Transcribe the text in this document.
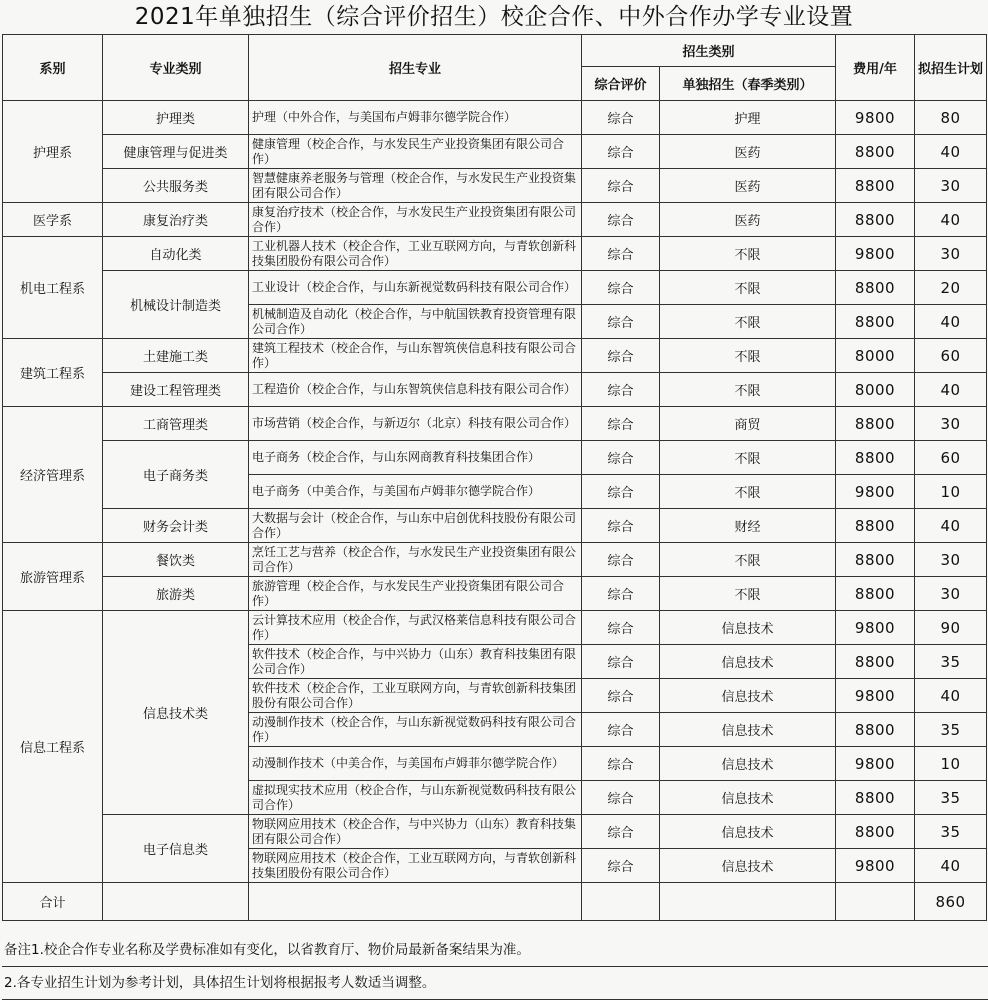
2021年单独招生（综合评价招生）校企合作、中外合作办学专业设置
系别	专业类别	招生专业	招生类别		费用/年	拟招生计划
			综合评价	单独招生（春季类别）		
护理系	护理类	护理（中外合作，与美国布卢姆菲尔德学院合作）	综合	护理	9800	80
	健康管理与促进类	健康管理（校企合作，与水发民生产业投资集团有限公司合作）	综合	医药	8800	40
	公共服务类	智慧健康养老服务与管理（校企合作，与水发民生产业投资集团有限公司合作）	综合	医药	8800	30
医学系	康复治疗类	康复治疗技术（校企合作，与水发民生产业投资集团有限公司合作）	综合	医药	8800	40
机电工程系	自动化类	工业机器人技术（校企合作，工业互联网方向，与青软创新科技集团股份有限公司合作）	综合	不限	9800	30
	机械设计制造类	工业设计（校企合作，与山东新视觉数码科技有限公司合作）	综合	不限	8800	20
		机械制造及自动化（校企合作，与中航国铁教育投资管理有限公司合作）	综合	不限	8800	40
建筑工程系	土建施工类	建筑工程技术（校企合作，与山东智筑侠信息科技有限公司合作）	综合	不限	8000	60
	建设工程管理类	工程造价（校企合作，与山东智筑侠信息科技有限公司合作）	综合	不限	8000	40
经济管理系	工商管理类	市场营销（校企合作，与新迈尔（北京）科技有限公司合作）	综合	商贸	8800	30
	电子商务类	电子商务（校企合作，与山东网商教育科技集团合作）	综合	不限	8800	60
		电子商务（中美合作，与美国布卢姆菲尔德学院合作）	综合	不限	9800	10
	财务会计类	大数据与会计（校企合作，与山东中启创优科技股份有限公司合作）	综合	财经	8800	40
旅游管理系	餐饮类	烹饪工艺与营养（校企合作，与水发民生产业投资集团有限公司合作）	综合	不限	8800	30
	旅游类	旅游管理（校企合作，与水发民生产业投资集团有限公司合作）	综合	不限	8800	30
信息工程系	信息技术类	云计算技术应用（校企合作，与武汉格莱信息科技有限公司合作）	综合	信息技术	9800	90
		软件技术（校企合作，与中兴协力（山东）教育科技集团有限公司合作）	综合	信息技术	8800	35
		软件技术（校企合作，工业互联网方向，与青软创新科技集团股份有限公司合作）	综合	信息技术	9800	40
		动漫制作技术（校企合作，与山东新视觉数码科技有限公司合作）	综合	信息技术	8800	35
		动漫制作技术（中美合作，与美国布卢姆菲尔德学院合作）	综合	信息技术	9800	10
		虚拟现实技术应用（校企合作，与山东新视觉数码科技有限公司合作）	综合	信息技术	8800	35
	电子信息类	物联网应用技术（校企合作，与中兴协力（山东）教育科技集团有限公司合作）	综合	信息技术	8800	35
		物联网应用技术（校企合作，工业互联网方向，与青软创新科技集团股份有限公司合作）	综合	信息技术	9800	40
合计						860
备注1.校企合作专业名称及学费标准如有变化，以省教育厅、物价局最新备案结果为准。
2.各专业招生计划为参考计划，具体招生计划将根据报考人数适当调整。
